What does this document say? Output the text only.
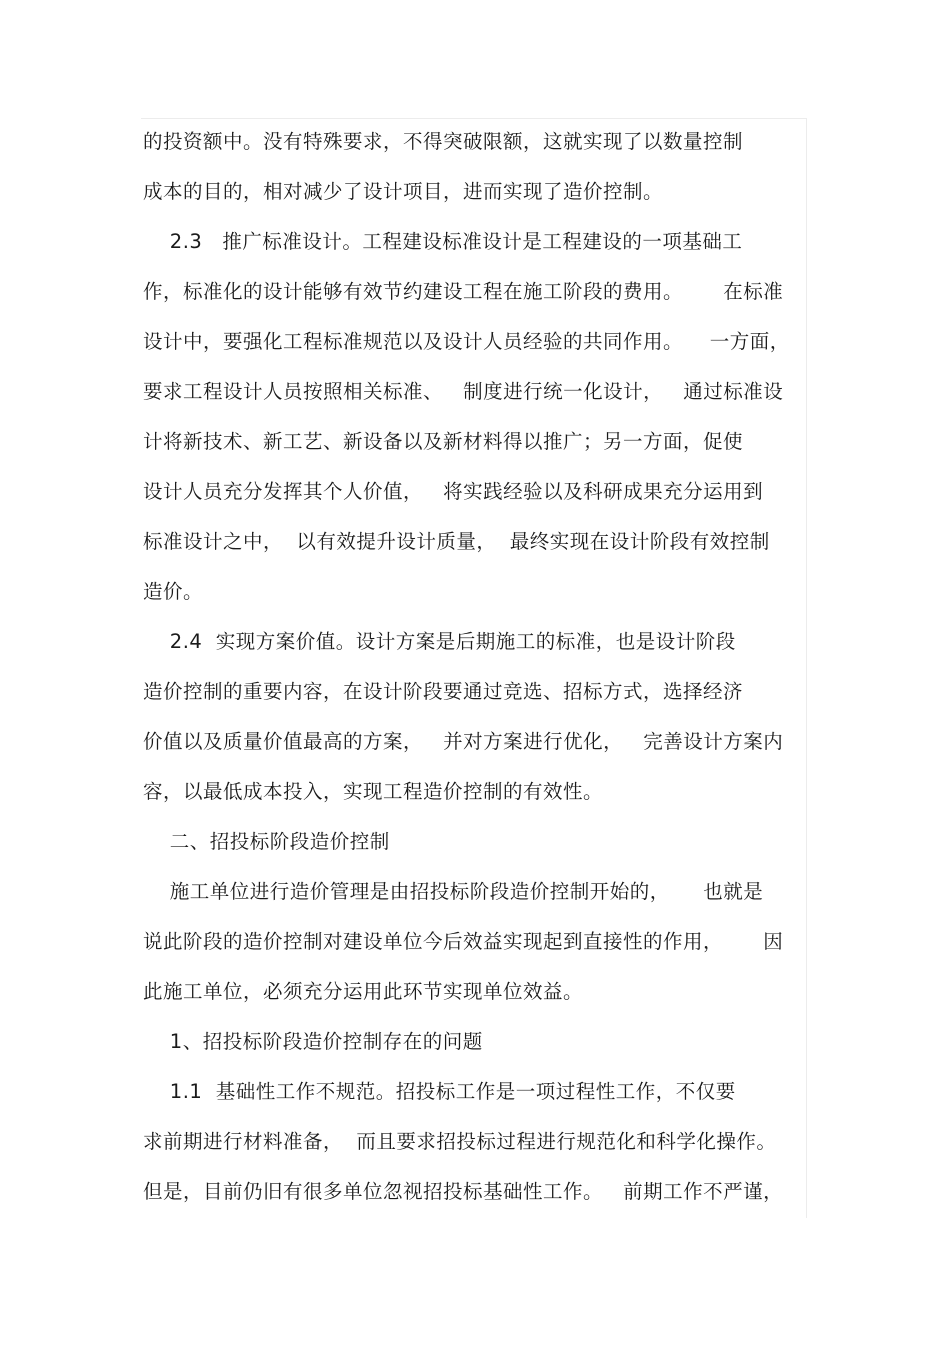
的投资额中。没有特殊要求，不得突破限额，这就实现了以数量控制
成本的目的，相对减少了设计项目，进而实现了造价控制。
2.3   推广标准设计。工程建设标准设计是工程建设的一项基础工
作，标准化的设计能够有效节约建设工程在施工阶段的费用。      在标准
设计中，要强化工程标准规范以及设计人员经验的共同作用。    一方面，
要求工程设计人员按照相关标准、   制度进行统一化设计，   通过标准设
计将新技术、新工艺、新设备以及新材料得以推广；另一方面，促使
设计人员充分发挥其个人价值，   将实践经验以及科研成果充分运用到
标准设计之中，  以有效提升设计质量，  最终实现在设计阶段有效控制
造价。
2.4  实现方案价值。设计方案是后期施工的标准，也是设计阶段
造价控制的重要内容，在设计阶段要通过竞选、招标方式，选择经济
价值以及质量价值最高的方案，   并对方案进行优化，   完善设计方案内
容，以最低成本投入，实现工程造价控制的有效性。
二、招投标阶段造价控制
施工单位进行造价管理是由招投标阶段造价控制开始的，     也就是
说此阶段的造价控制对建设单位今后效益实现起到直接性的作用，      因
此施工单位，必须充分运用此环节实现单位效益。
1、招投标阶段造价控制存在的问题
1.1  基础性工作不规范。招投标工作是一项过程性工作，不仅要
求前期进行材料准备，  而且要求招投标过程进行规范化和科学化操作。
但是，目前仍旧有很多单位忽视招投标基础性工作。   前期工作不严谨，
